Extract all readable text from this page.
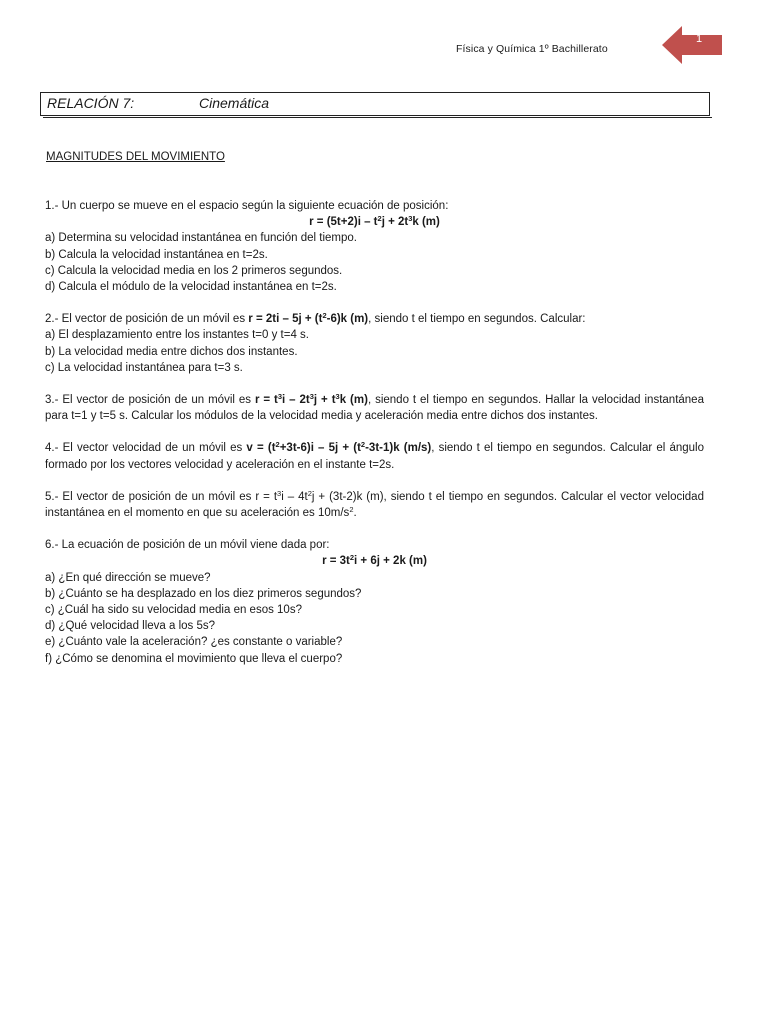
Física y Química 1º Bachillerato
1
RELACIÓN 7:	Cinemática
MAGNITUDES DEL MOVIMIENTO

1.- Un cuerpo se mueve en el espacio según la siguiente ecuación de posición:

$r = (5t+2)i - t^2j + 2t^3k$ (m)

a) Determina su velocidad instantánea en función del tiempo.

b) Calcula la velocidad instantánea en t=2s.

c) Calcula la velocidad media en los 2 primeros segundos.

d) Calcula el módulo de la velocidad instantánea en t=2s.

2.- El vector de posición de un móvil es $r = 2ti - 5j + (t^2-6)k$ (m), siendo t el tiempo en segundos. Calcular:

a) El desplazamiento entre los instantes t=0 y t=4 s.

b) La velocidad media entre dichos dos instantes.

c) La velocidad instantánea para t=3 s.

3.- El vector de posición de un móvil es $r = t^3i - 2t^3j + t^3k$ (m), siendo t el tiempo en segundos. Hallar la velocidad instantánea para t=1 y t=5 s. Calcular los módulos de la velocidad media y aceleración media entre dichos dos instantes.

4.- El vector velocidad de un móvil es $v = (t^2+3t-6)i - 5j + (t^2-3t-1)k$ (m/s), siendo t el tiempo en segundos. Calcular el ángulo formado por los vectores velocidad y aceleración en el instante t=2s.

5.- El vector de posición de un móvil es $r = t^3i - 4t^2j + (3t-2)k$ (m), siendo t el tiempo en segundos. Calcular el vector velocidad instantánea en el momento en que su aceleración es $10m/s^2$.

6.- La ecuación de posición de un móvil viene dada por:

$r = 3t^2i + 6j + 2k$ (m)

a) ¿En qué dirección se mueve?

b) ¿Cuánto se ha desplazado en los diez primeros segundos?

c) ¿Cuál ha sido su velocidad media en esos 10s?

d) ¿Qué velocidad lleva a los 5s?

e) ¿Cuánto vale la aceleración? ¿es constante o variable?

f) ¿Cómo se denomina el movimiento que lleva el cuerpo?
